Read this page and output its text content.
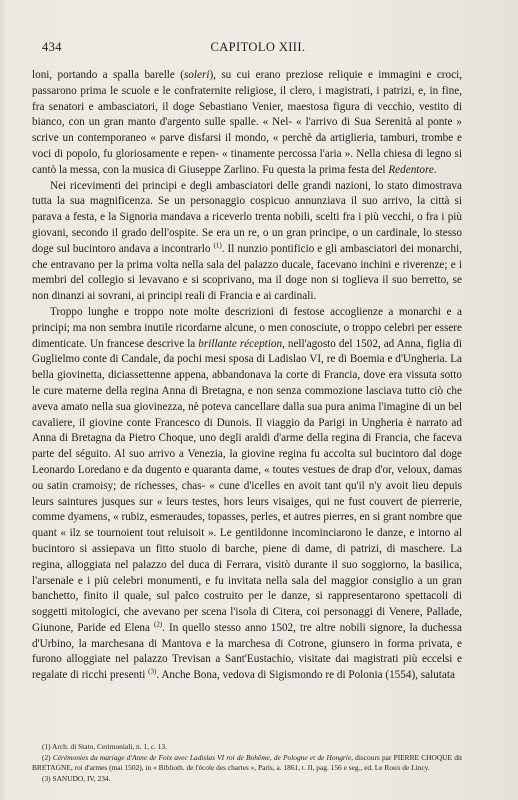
434	CAPITOLO XIII.

loni, portando a spalla barelle (soleri), su cui erano preziose reliquie e immagini e croci, passarono prima le scuole e le confraternite religiose, il clero, i magistrati, i patrizi, e, in fine, fra senatori e ambasciatori, il doge Sebastiano Venier, maestosa figura di vecchio, vestito di bianco, con un gran manto d'argento sulle spalle. « Nel- « l'arrivo di Sua Serenità al ponte » scrive un contemporaneo « parve disfarsi il mondo, « perchè da artiglieria, tamburi, trombe e voci di popolo, fu gloriosamente e repen- « tinamente percossa l'aria ». Nella chiesa di legno si cantò la messa, con la musica di Giuseppe Zarlino. Fu questa la prima festa del Redentore.

Nei ricevimenti dei principi e degli ambasciatori delle grandi nazioni, lo stato dimostrava tutta la sua magnificenza. Se un personaggio cospicuo annunziava il suo arrivo, la città si parava a festa, e la Signoria mandava a riceverlo trenta nobili, scelti fra i più vecchi, o fra i più giovani, secondo il grado dell'ospite. Se era un re, o un gran principe, o un cardinale, lo stesso doge sul bucintoro andava a incontrarlo $^{(1)}$. Il nunzio pontificio e gli ambasciatori dei monarchi, che entravano per la prima volta nella sala del palazzo ducale, facevano inchini e riverenze; e i membri del collegio si levavano e si scoprivano, ma il doge non si toglieva il suo berretto, se non dinanzi ai sovrani, ai principi reali di Francia e ai cardinali.

Troppo lunghe e troppo note molte descrizioni di festose accoglienze a monarchi e a principi; ma non sembra inutile ricordarne alcune, o men conosciute, o troppo celebri per essere dimenticate. Un francese descrive la brillante réception, nell'agosto del 1502, ad Anna, figlia di Guglielmo conte di Candale, da pochi mesi sposa di Ladislao VI, re di Boemia e d'Ungheria. La bella giovinetta, diciassettenne appena, abbandonava la corte di Francia, dove era vissuta sotto le cure materne della regina Anna di Bretagna, e non senza commozione lasciava tutto ciò che aveva amato nella sua giovinezza, nè poteva cancellare dalla sua pura anima l'imagine di un bel cavaliere, il giovine conte Francesco di Dunois. Il viaggio da Parigi in Ungheria è narrato ad Anna di Bretagna da Pietro Choque, uno degli araldi d'arme della regina di Francia, che faceva parte del séguito. Al suo arrivo a Venezia, la giovine regina fu accolta sul bucintoro dal doge Leonardo Loredano e da dugento e quaranta dame, « toutes vestues de drap d'or, veloux, damas ou satin cramoisy; de richesses, chas- « cune d'icelles en avoit tant qu'il n'y avoit lieu depuis leurs saintures jusques sur « leurs testes, hors leurs visaiges, qui ne fust couvert de pierrerie, comme dyamens, « rubiz, esmeraudes, topasses, perles, et autres pierres, en si grant nombre que quant « ilz se tournoient tout reluisoit ». Le gentildonne incominciarono le danze, e intorno al bucintoro si assiepava un fitto stuolo di barche, piene di dame, di patrizi, di maschere. La regina, alloggiata nel palazzo del duca di Ferrara, visitò durante il suo soggiorno, la basilica, l'arsenale e i più celebri monumenti, e fu invitata nella sala del maggior consiglio a un gran banchetto, finito il quale, sul palco costruito per le danze, si rappresentarono spettacoli di soggetti mitologici, che avevano per scena l'isola di Citera, coi personaggi di Venere, Pallade, Giunone, Paride ed Elena $^{(2)}$. In quello stesso anno 1502, tre altre nobili signore, la duchessa d'Urbino, la marchesana di Mantova e la marchesa di Cotrone, giunsero in forma privata, e furono alloggiate nel palazzo Trevisan a Sant'Eustachio, visitate dai magistrati più eccelsi e regalate di ricchi presenti $^{(3)}$. Anche Bona, vedova di Sigismondo re di Polonia (1554), salutata

(1) Arch. di Stato, Cerimoniali, n. 1, c. 13.
(2) Cérémonies du mariage d'Anne de Foix avec Ladislas VI roi de Bohême, de Pologne et de Hongrie, discours par PIERRE CHOQUE dit BRETAGNE, roi d'armes (mai 1502), in « Biblioth. de l'école des chartes », Paris, a. 1861, t. II, pag. 156 e seg., ed. Le Roux de Lincy.
(3) SANUDO, IV, 234.
